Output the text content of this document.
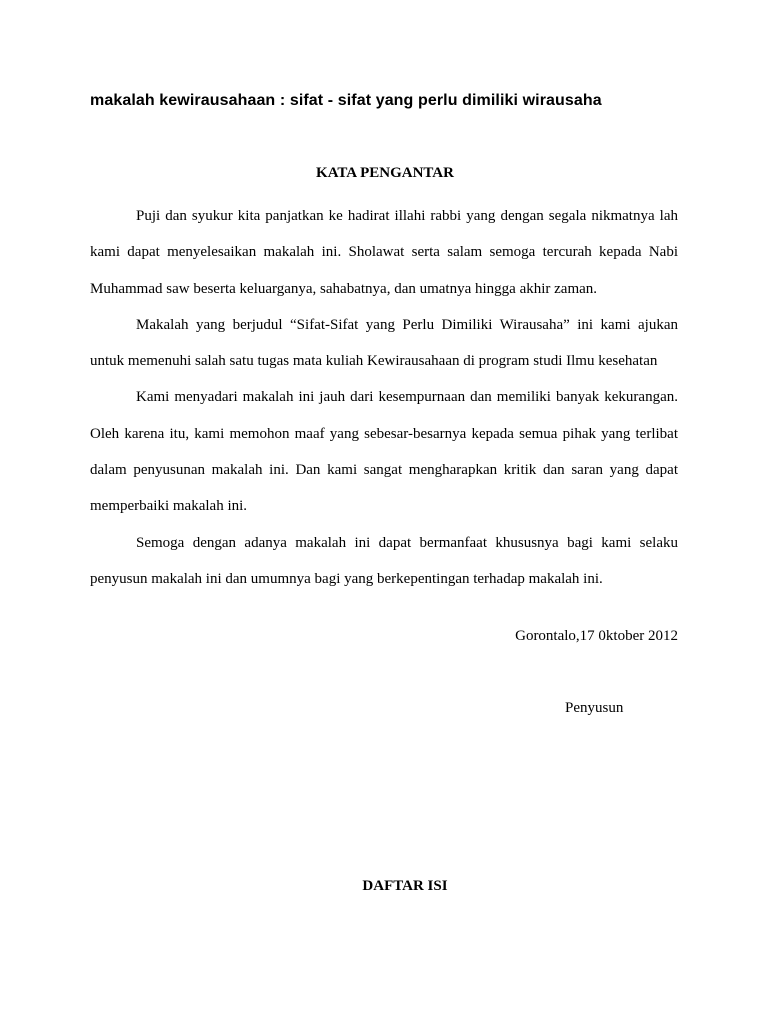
makalah kewirausahaan : sifat - sifat yang perlu dimiliki wirausaha
KATA PENGANTAR

Puji dan syukur kita panjatkan ke hadirat illahi rabbi yang dengan segala nikmatnya lah kami dapat menyelesaikan makalah ini. Sholawat serta salam semoga tercurah kepada Nabi Muhammad saw beserta keluarganya, sahabatnya, dan umatnya hingga akhir zaman.

Makalah yang berjudul “Sifat-Sifat yang Perlu Dimiliki Wirausaha” ini kami ajukan untuk memenuhi salah satu tugas mata kuliah Kewirausahaan di program studi Ilmu kesehatan

Kami menyadari makalah ini jauh dari kesempurnaan dan memiliki banyak kekurangan. Oleh karena itu, kami memohon maaf yang sebesar-besarnya kepada semua pihak yang terlibat dalam penyusunan makalah ini. Dan kami sangat mengharapkan kritik dan saran yang dapat memperbaiki makalah ini.

Semoga dengan adanya makalah ini dapat bermanfaat khususnya bagi kami selaku penyusun makalah ini dan umumnya bagi yang berkepentingan terhadap makalah ini.

Gorontalo,17 0ktober 2012
Penyusun
DAFTAR ISI
